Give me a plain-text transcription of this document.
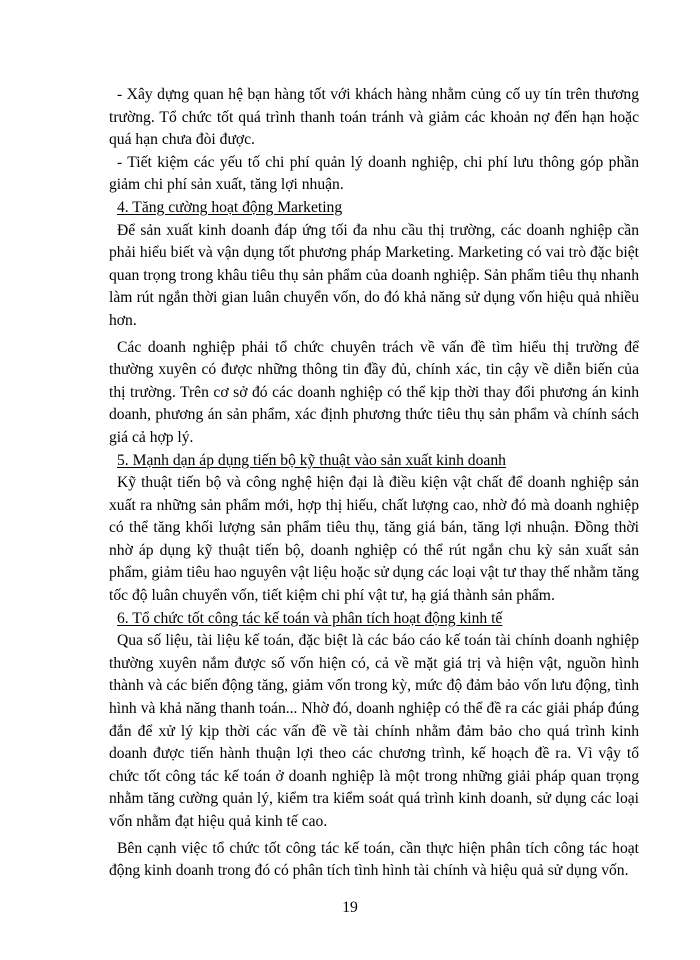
- Xây dựng quan hệ bạn hàng tốt với khách hàng nhằm củng cố uy tín trên thương trường. Tổ chức tốt quá trình thanh toán tránh và giảm các khoản nợ đến hạn hoặc quá hạn chưa đòi được.

- Tiết kiệm các yếu tố chi phí quản lý doanh nghiệp, chi phí lưu thông góp phần giảm chi phí sản xuất, tăng lợi nhuận.

4. Tăng cường hoạt động Marketing

Để sản xuất kinh doanh đáp ứng tối đa nhu cầu thị trường, các doanh nghiệp cần phải hiểu biết và vận dụng tốt phương pháp Marketing. Marketing có vai trò đặc biệt quan trọng trong khâu tiêu thụ sản phẩm của doanh nghiệp. Sản phẩm tiêu thụ nhanh làm rút ngắn thời gian luân chuyển vốn, do đó khả năng sử dụng vốn hiệu quả nhiều hơn.

Các doanh nghiệp phải tổ chức chuyên trách về vấn đề tìm hiểu thị trường để thường xuyên có được những thông tin đầy đủ, chính xác, tin cậy về diễn biến của thị trường. Trên cơ sở đó các doanh nghiệp có thể kịp thời thay đổi phương án kinh doanh, phương án sản phẩm, xác định phương thức tiêu thụ sản phẩm và chính sách giá cả hợp lý.

5. Mạnh dạn áp dụng tiến bộ kỹ thuật vào sản xuất kinh doanh

Kỹ thuật tiến bộ và công nghệ hiện đại là điều kiện vật chất để doanh nghiệp sản xuất ra những sản phẩm mới, hợp thị hiếu, chất lượng cao, nhờ đó mà doanh nghiệp có thể tăng khối lượng sản phẩm tiêu thụ, tăng giá bán, tăng lợi nhuận. Đồng thời nhờ áp dụng kỹ thuật tiến bộ, doanh nghiệp có thể rút ngắn chu kỳ sản xuất sản phẩm, giảm tiêu hao nguyên vật liệu hoặc sử dụng các loại vật tư thay thế nhằm tăng tốc độ luân chuyển vốn, tiết kiệm chi phí vật tư, hạ giá thành sản phẩm.

6. Tổ chức tốt công tác kế toán và phân tích hoạt động kinh tế

Qua số liệu, tài liệu kế toán, đặc biệt là các báo cáo kế toán tài chính doanh nghiệp thường xuyên nắm được số vốn hiện có, cả về mặt giá trị và hiện vật, nguồn hình thành và các biến động tăng, giảm vốn trong kỳ, mức độ đảm bảo vốn lưu động, tình hình và khả năng thanh toán... Nhờ đó, doanh nghiệp có thể đề ra các giải pháp đúng đắn để xử lý kịp thời các vấn đề về tài chính nhằm đảm bảo cho quá trình kinh doanh được tiến hành thuận lợi theo các chương trình, kế hoạch đề ra. Vì vậy tổ chức tốt công tác kế toán ở doanh nghiệp là một trong những giải pháp quan trọng nhằm tăng cường quản lý, kiểm tra kiểm soát quá trình kinh doanh, sử dụng các loại vốn nhằm đạt hiệu quả kinh tế cao.

Bên cạnh việc tổ chức tốt công tác kế toán, cần thực hiện phân tích công tác hoạt động kinh doanh trong đó có phân tích tình hình tài chính và hiệu quả sử dụng vốn.

19
